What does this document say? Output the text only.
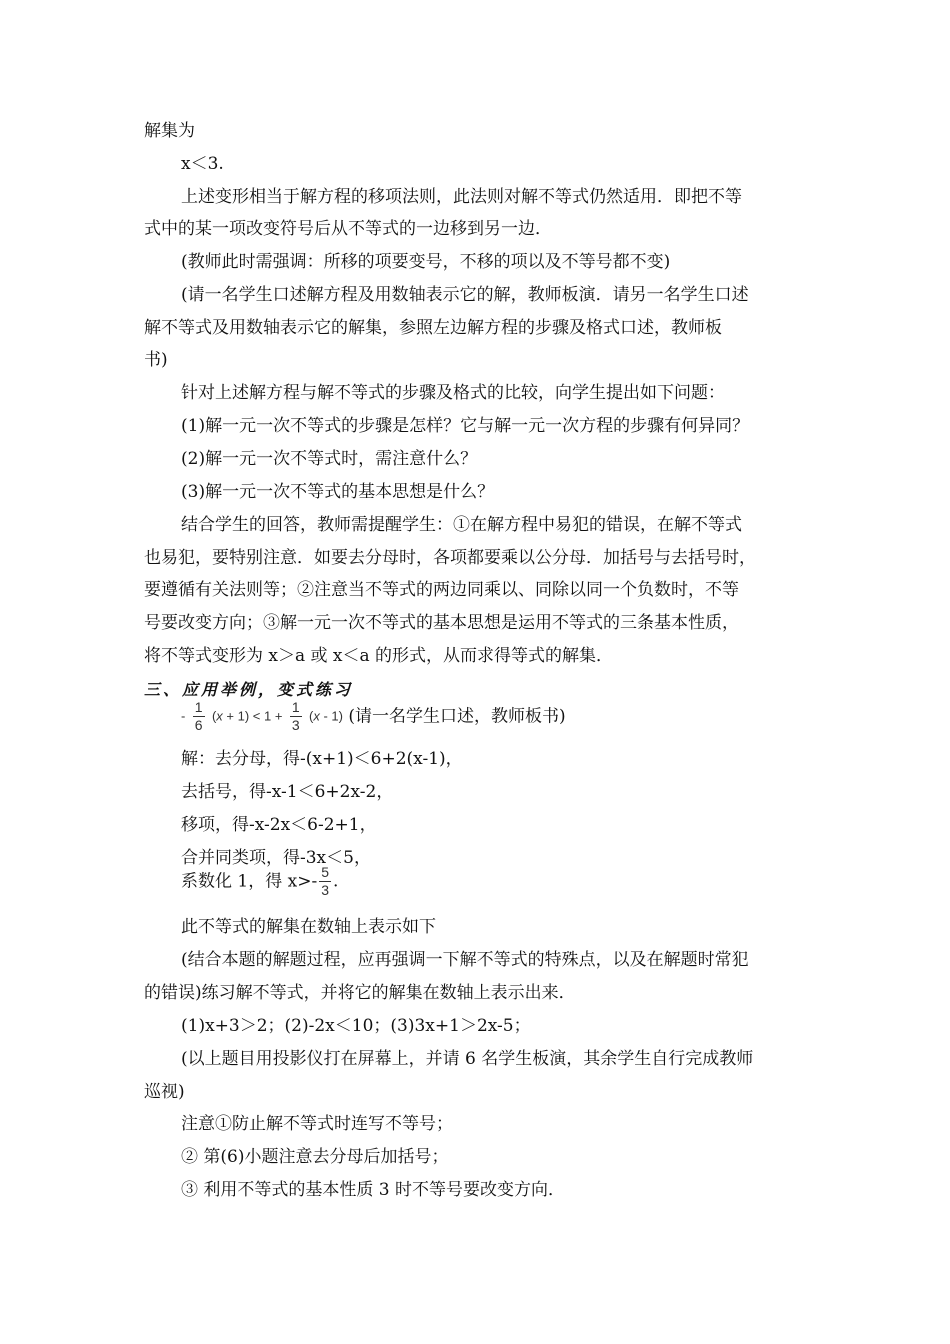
解集为
x＜3.
上述变形相当于解方程的移项法则，此法则对解不等式仍然适用．即把不等
式中的某一项改变符号后从不等式的一边移到另一边．
(教师此时需强调：所移的项要变号，不移的项以及不等号都不变)
(请一名学生口述解方程及用数轴表示它的解，教师板演．请另一名学生口述
解不等式及用数轴表示它的解集，参照左边解方程的步骤及格式口述，教师板
书)
针对上述解方程与解不等式的步骤及格式的比较，向学生提出如下问题：
(1)解一元一次不等式的步骤是怎样？它与解一元一次方程的步骤有何异同？
(2)解一元一次不等式时，需注意什么？
(3)解一元一次不等式的基本思想是什么？
结合学生的回答，教师需提醒学生：①在解方程中易犯的错误，在解不等式
也易犯，要特别注意．如要去分母时，各项都要乘以公分母．加括号与去括号时，
要遵循有关法则等；②注意当不等式的两边同乘以、同除以同一个负数时，不等
号要改变方向；③解一元一次不等式的基本思想是运用不等式的三条基本性质，
将不等式变形为 x＞a 或 x＜a 的形式，从而求得等式的解集．
三、应用举例，变式练习
- $\frac{1}{6} (x + 1) < 1 + \frac{1}{3} (x - 1)$ (请一名学生口述，教师板书)
解：去分母，得-(x+1)＜6+2(x-1)，
去括号，得-x-1＜6+2x-2，
移项，得-x-2x＜6-2+1，
合并同类项，得-3x＜5，
系数化 1，得 $x>- \frac{5}{3}$ .
此不等式的解集在数轴上表示如下
(结合本题的解题过程，应再强调一下解不等式的特殊点，以及在解题时常犯
的错误)练习解不等式，并将它的解集在数轴上表示出来．
(1)x+3＞2；(2)-2x＜10；(3)3x+1＞2x-5；
(以上题目用投影仪打在屏幕上，并请 6 名学生板演，其余学生自行完成教师
巡视)
注意①防止解不等式时连写不等号；
② 第(6)小题注意去分母后加括号；
③ 利用不等式的基本性质 3 时不等号要改变方向．
